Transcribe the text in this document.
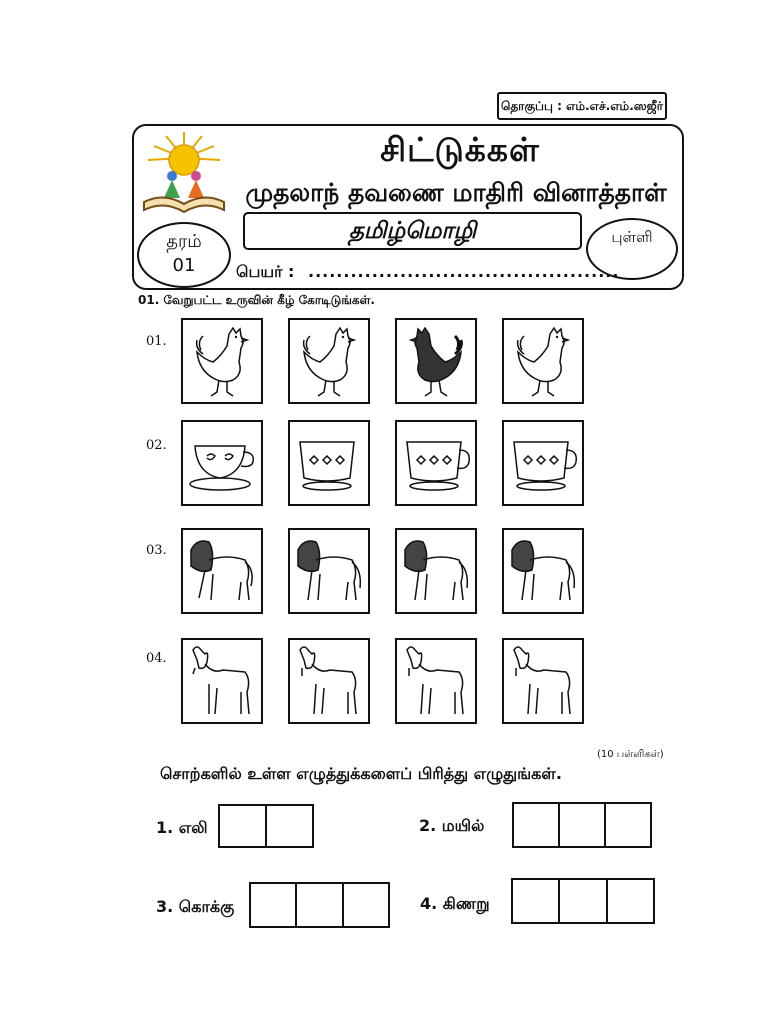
தொகுப்பு : எம்.எச்.எம்.ஸஜீர்
சிட்டுக்கள்
முதலாந் தவணை மாதிரி வினாத்தாள்
தமிழ்மொழி
தரம்
01
புள்ளி
பெயர் : ............................................
01. வேறுபட்ட உருவின் கீழ் கோடிடுங்கள்.
01.
02.
03.
04.
(10 பள்ளிகள்)
சொற்களில் உள்ள எழுத்துக்களைப் பிரித்து எழுதுங்கள்.
1. எலி	2. மயில்
3. கொக்கு	4. கிணறு
